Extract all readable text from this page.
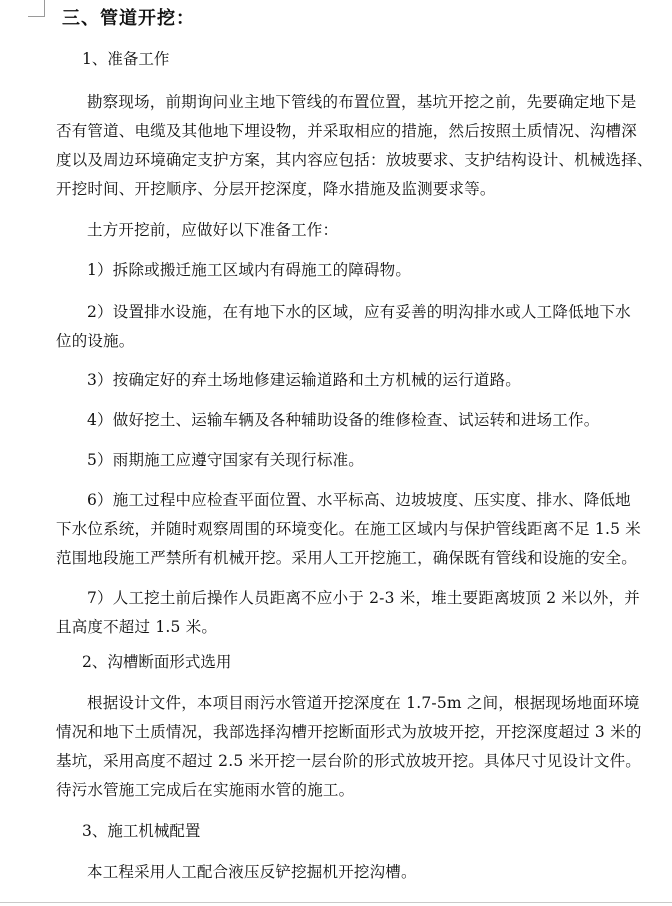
三、管道开挖：
1、准备工作
勘察现场，前期询问业主地下管线的布置位置，基坑开挖之前，先要确定地下是
否有管道、电缆及其他地下埋设物，并采取相应的措施，然后按照土质情况、沟槽深
度以及周边环境确定支护方案，其内容应包括：放坡要求、支护结构设计、机械选择、
开挖时间、开挖顺序、分层开挖深度，降水措施及监测要求等。
土方开挖前，应做好以下准备工作：
1）拆除或搬迁施工区域内有碍施工的障碍物。
2）设置排水设施，在有地下水的区域，应有妥善的明沟排水或人工降低地下水
位的设施。
3）按确定好的弃土场地修建运输道路和土方机械的运行道路。
4）做好挖土、运输车辆及各种辅助设备的维修检查、试运转和进场工作。
5）雨期施工应遵守国家有关现行标准。
6）施工过程中应检查平面位置、水平标高、边坡坡度、压实度、排水、降低地
下水位系统，并随时观察周围的环境变化。在施工区域内与保护管线距离不足 1.5 米
范围地段施工严禁所有机械开挖。采用人工开挖施工，确保既有管线和设施的安全。
7）人工挖土前后操作人员距离不应小于 2-3 米，堆土要距离坡顶 2 米以外，并
且高度不超过 1.5 米。
2、沟槽断面形式选用
根据设计文件，本项目雨污水管道开挖深度在 1.7-5m 之间，根据现场地面环境
情况和地下土质情况，我部选择沟槽开挖断面形式为放坡开挖，开挖深度超过 3 米的
基坑，采用高度不超过 2.5 米开挖一层台阶的形式放坡开挖。具体尺寸见设计文件。
待污水管施工完成后在实施雨水管的施工。
3、施工机械配置
本工程采用人工配合液压反铲挖掘机开挖沟槽。
